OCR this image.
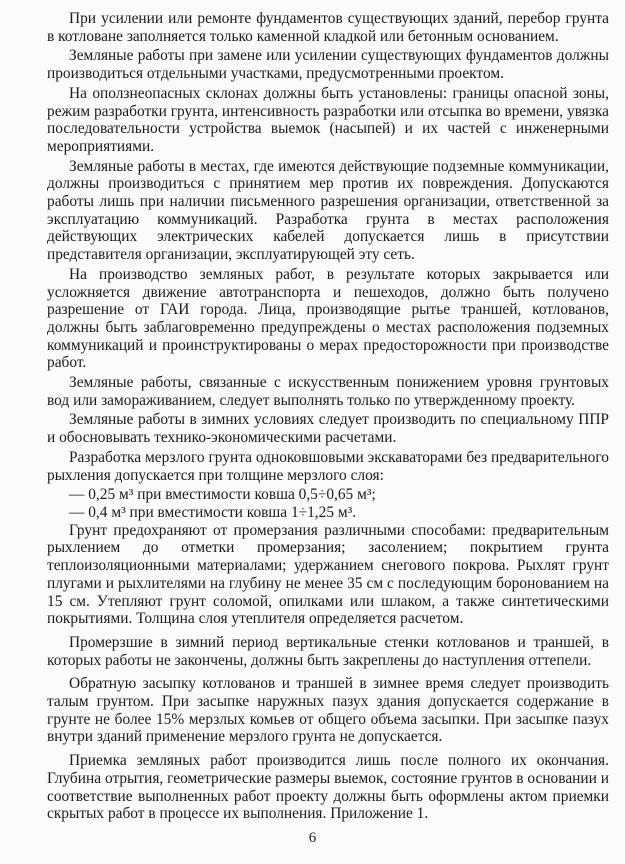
При усилении или ремонте фундаментов существующих зданий, перебор грунта в котловане заполняется только каменной кладкой или бетонным основанием.

Земляные работы при замене или усилении существующих фундаментов должны производиться отдельными участками, предусмотренными проектом.

На оползнеопасных склонах должны быть установлены: границы опасной зоны, режим разработки грунта, интенсивность разработки или отсыпка во времени, увязка последовательности устройства выемок (насыпей) и их частей с инженерными мероприятиями.

Земляные работы в местах, где имеются действующие подземные коммуникации, должны производиться с принятием мер против их повреждения. Допускаются работы лишь при наличии письменного разрешения организации, ответственной за эксплуатацию коммуникаций. Разработка грунта в местах расположения действующих электрических кабелей допускается лишь в присутствии представителя организации, эксплуатирующей эту сеть.

На производство земляных работ, в результате которых закрывается или усложняется движение автотранспорта и пешеходов, должно быть получено разрешение от ГАИ города. Лица, производящие рытье траншей, котлованов, должны быть заблаговременно предупреждены о местах расположения подземных коммуникаций и проинструктированы о мерах предосторожности при производстве работ.

Земляные работы, связанные с искусственным понижением уровня грунтовых вод или замораживанием, следует выполнять только по утвержденному проекту.

Земляные работы в зимних условиях следует производить по специальному ППР и обосновывать технико-экономическими расчетами.

Разработка мерзлого грунта одноковшовыми экскаваторами без предварительного рыхления допускается при толщине мерзлого слоя:

— 0,25 м³ при вместимости ковша 0,5÷0,65 м³;

— 0,4 м³ при вместимости ковша 1÷1,25 м³.

Грунт предохраняют от промерзания различными способами: предварительным рыхлением до отметки промерзания; засолением; покрытием грунта теплоизоляционными материалами; удержанием снегового покрова. Рыхлят грунт плугами и рыхлителями на глубину не менее 35 см с последующим боронованием на 15 см. Утепляют грунт соломой, опилками или шлаком, а также синтетическими покрытиями. Толщина слоя утеплителя определяется расчетом.

Промерзшие в зимний период вертикальные стенки котлованов и траншей, в которых работы не закончены, должны быть закреплены до наступления оттепели.

Обратную засыпку котлованов и траншей в зимнее время следует производить талым грунтом. При засыпке наружных пазух здания допускается содержание в грунте не более 15% мерзлых комьев от общего объема засыпки. При засыпке пазух внутри зданий применение мерзлого грунта не допускается.

Приемка земляных работ производится лишь после полного их окончания. Глубина отрытия, геометрические размеры выемок, состояние грунтов в основании и соответствие выполненных работ проекту должны быть оформлены актом приемки скрытых работ в процессе их выполнения. Приложение 1.

6
